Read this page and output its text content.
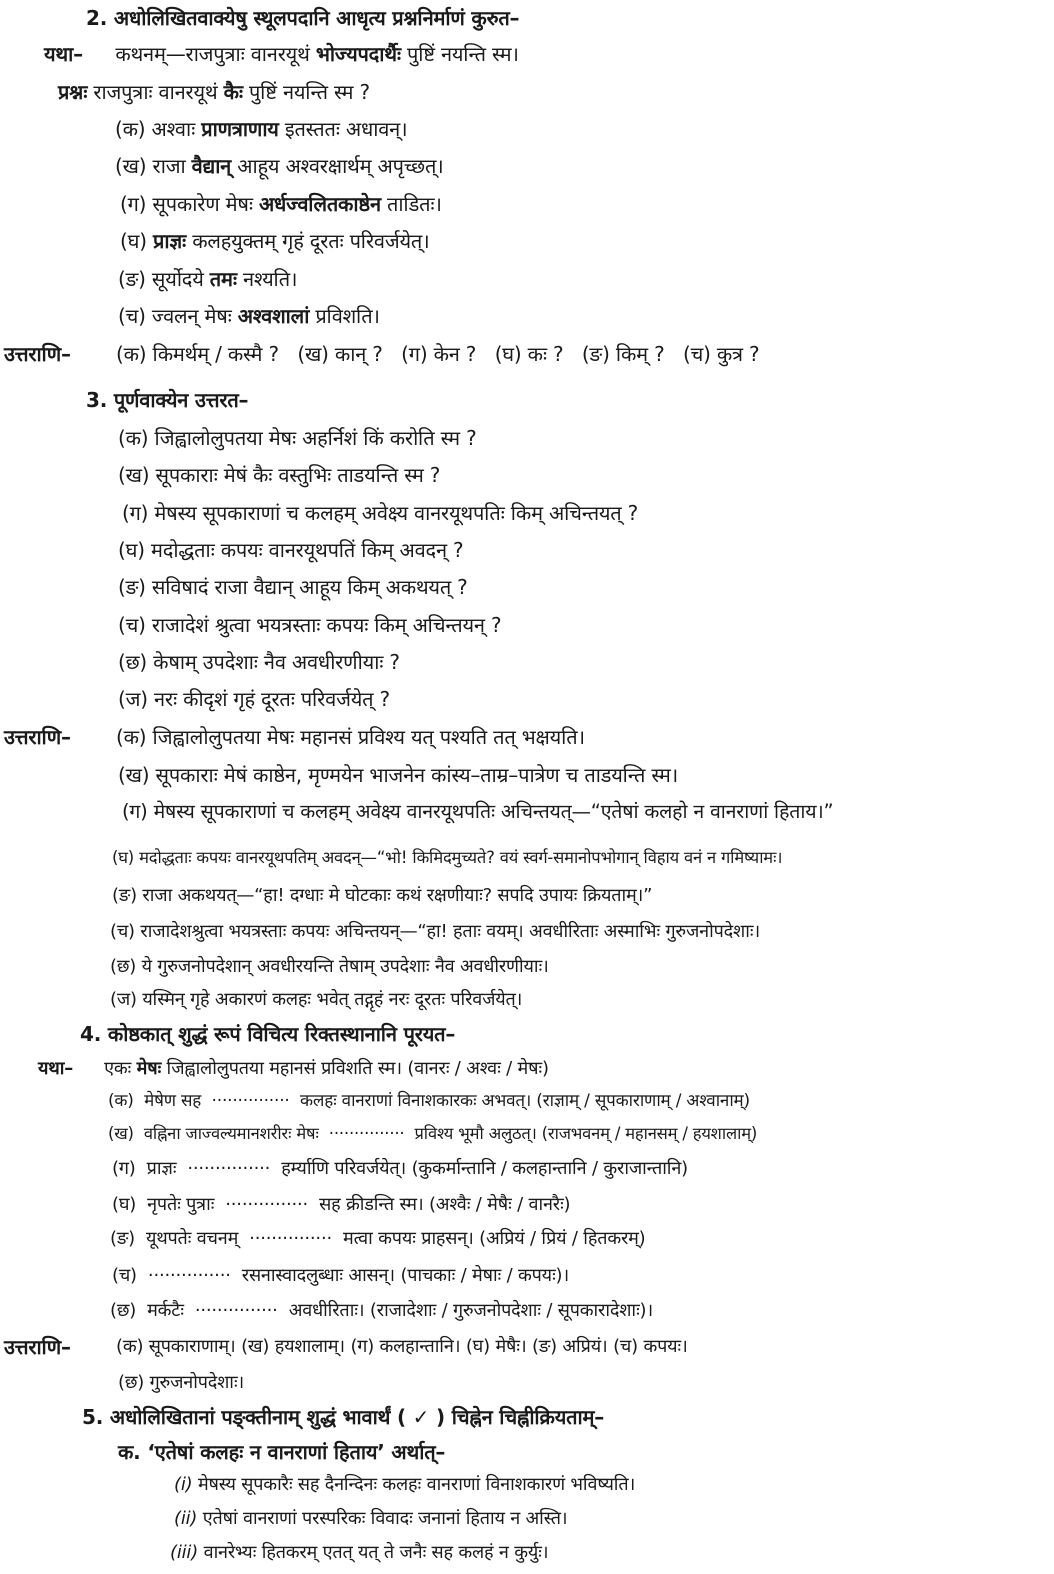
2. अधोलिखितवाक्येषु स्थूलपदानि आधृत्य प्रश्ननिर्माणं कुरुत–
यथा– कथनम्—राजपुत्राः वानरयूथं भोज्यपदार्थैः पुष्टिं नयन्ति स्म।
प्रश्नः राजपुत्राः वानरयूथं कैः पुष्टिं नयन्ति स्म ?
(क) अश्वाः प्राणत्राणाय इतस्ततः अधावन्।
(ख) राजा वैद्यान् आहूय अश्वरक्षार्थम् अपृच्छत्।
(ग) सूपकारेण मेषः अर्धज्वलितकाष्ठेन ताडितः।
(घ) प्राज्ञः कलहयुक्तम् गृहं दूरतः परिवर्जयेत्।
(ङ) सूर्योदये तमः नश्यति।
(च) ज्वलन् मेषः अश्वशालां प्रविशति।
उत्तराणि– (क) किमर्थम् / कस्मै ?   (ख) कान् ?   (ग) केन ?   (घ) कः ?   (ङ) किम् ?   (च) कुत्र ?
3. पूर्णवाक्येन उत्तरत–
(क) जिह्वालोलुपतया मेषः अहर्निशं किं करोति स्म ?
(ख) सूपकाराः मेषं कैः वस्तुभिः ताडयन्ति स्म ?
(ग) मेषस्य सूपकाराणां च कलहम् अवेक्ष्य वानरयूथपतिः किम् अचिन्तयत् ?
(घ) मदोद्धताः कपयः वानरयूथपतिं किम् अवदन् ?
(ङ) सविषादं राजा वैद्यान् आहूय किम् अकथयत् ?
(च) राजादेशं श्रुत्वा भयत्रस्ताः कपयः किम् अचिन्तयन् ?
(छ) केषाम् उपदेशाः नैव अवधीरणीयाः ?
(ज) नरः कीदृशं गृहं दूरतः परिवर्जयेत् ?
उत्तराणि– (क) जिह्वालोलुपतया मेषः महानसं प्रविश्य यत् पश्यति तत् भक्षयति।
(ख) सूपकाराः मेषं काष्ठेन, मृण्मयेन भाजनेन कांस्य–ताम्र–पात्रेण च ताडयन्ति स्म।
(ग) मेषस्य सूपकाराणां च कलहम् अवेक्ष्य वानरयूथपतिः अचिन्तयत्—“एतेषां कलहो न वानराणां हिताय।”
(घ) मदोद्धताः कपयः वानरयूथपतिम् अवदन्—“भो! किमिदमुच्यते? वयं स्वर्ग-समानोपभोगान् विहाय वनं न गमिष्यामः।
(ङ) राजा अकथयत्—“हा! दग्धाः मे घोटकाः कथं रक्षणीयाः? सपदि उपायः क्रियताम्।”
(च) राजादेशश्रुत्वा भयत्रस्ताः कपयः अचिन्तयन्—“हा! हताः वयम्। अवधीरिताः अस्माभिः गुरुजनोपदेशाः।
(छ) ये गुरुजनोपदेशान् अवधीरयन्ति तेषाम् उपदेशाः नैव अवधीरणीयाः।
(ज) यस्मिन् गृहे अकारणं कलहः भवेत् तद्गृहं नरः दूरतः परिवर्जयेत्।
4. कोष्ठकात् शुद्धं रूपं विचित्य रिक्तस्थानानि पूरयत–
यथा– एकः मेषः जिह्वालोलुपतया महानसं प्रविशति स्म। (वानरः / अश्वः / मेषः)
(क)  मेषेण सह  ···············  कलहः वानराणां विनाशकारकः अभवत्। (राज्ञाम् / सूपकाराणाम् / अश्वानाम्)
(ख)  वह्निना जाज्वल्यमानशरीरः मेषः  ···············  प्रविश्य भूमौ अलुठत्। (राजभवनम् / महानसम् / हयशालाम्)
(ग)  प्राज्ञः  ···············  हर्म्याणि परिवर्जयेत्। (कुकर्मान्तानि / कलहान्तानि / कुराजान्तानि)
(घ)  नृपतेः पुत्राः  ···············  सह क्रीडन्ति स्म। (अश्वैः / मेषैः / वानरैः)
(ङ)  यूथपतेः वचनम्  ···············  मत्वा कपयः प्राहसन्। (अप्रियं / प्रियं / हितकरम्)
(च)  ···············  रसनास्वादलुब्धाः आसन्। (पाचकाः / मेषाः / कपयः)।
(छ)  मर्कटैः  ···············  अवधीरिताः। (राजादेशाः / गुरुजनोपदेशाः / सूपकारादेशाः)।
उत्तराणि–	(क) सूपकाराणाम्। (ख) हयशालाम्। (ग) कलहान्तानि। (घ) मेषैः। (ङ) अप्रियं। (च) कपयः।
(छ) गुरुजनोपदेशाः।
5. अधोलिखितानां पङ्क्तीनाम् शुद्धं भावार्थं ( ✓ ) चिह्नेन चिह्नीक्रियताम्–
क. ‘एतेषां कलहः न वानराणां हिताय’ अर्थात्–
(i) मेषस्य सूपकारैः सह दैनन्दिनः कलहः वानराणां विनाशकारणं भविष्यति।
(ii) एतेषां वानराणां परस्परिकः विवादः जनानां हिताय न अस्ति।
(iii) वानरेभ्यः हितकरम् एतत् यत् ते जनैः सह कलहं न कुर्युः।
